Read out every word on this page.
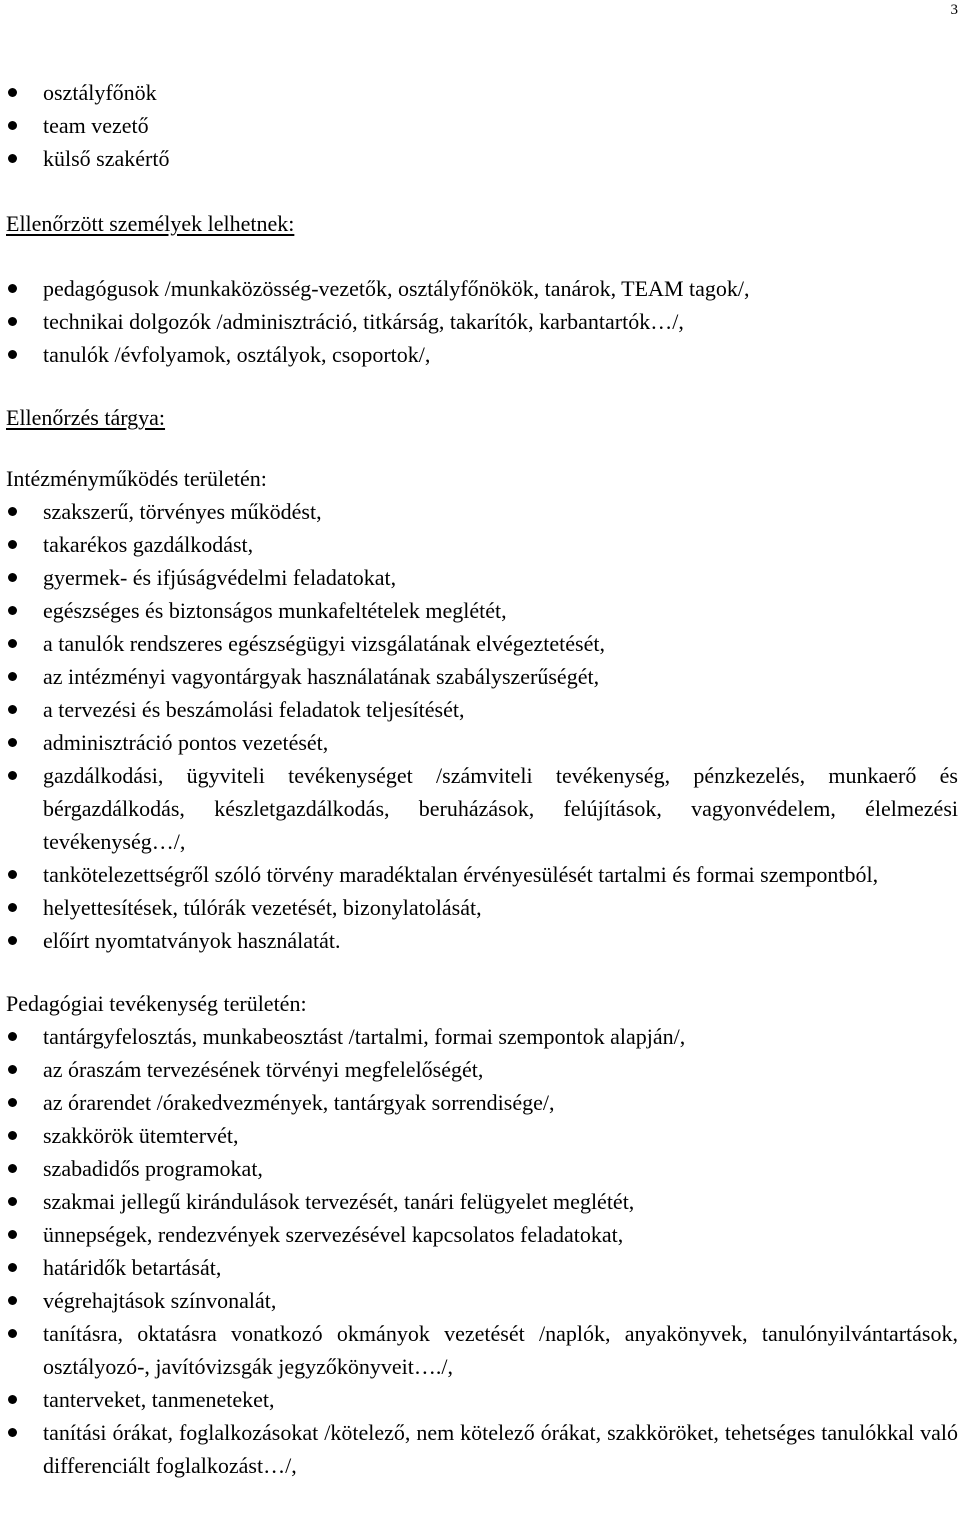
3
osztályfőnök
team vezető
külső szakértő
Ellenőrzött személyek lelhetnek:
pedagógusok /munkaközösség-vezetők, osztályfőnökök, tanárok, TEAM tagok/,
technikai dolgozók /adminisztráció, titkárság, takarítók, karbantartók…/,
tanulók /évfolyamok, osztályok, csoportok/,
Ellenőrzés tárgya:
Intézményműködés területén:
szakszerű, törvényes működést,
takarékos gazdálkodást,
gyermek- és ifjúságvédelmi feladatokat,
egészséges és biztonságos munkafeltételek meglétét,
a tanulók rendszeres egészségügyi vizsgálatának elvégeztetését,
az intézményi vagyontárgyak használatának szabályszerűségét,
a tervezési és beszámolási feladatok teljesítését,
adminisztráció pontos vezetését,
gazdálkodási, ügyviteli tevékenységet /számviteli tevékenység, pénzkezelés, munkaerő és bérgazdálkodás, készletgazdálkodás, beruházások, felújítások, vagyonvédelem, élelmezési tevékenység…/,
tankötelezettségről szóló törvény maradéktalan érvényesülését tartalmi és formai szempontból,
helyettesítések, túlórák vezetését, bizonylatolását,
előírt nyomtatványok használatát.
Pedagógiai tevékenység területén:
tantárgyfelosztás, munkabeosztást /tartalmi, formai szempontok alapján/,
az óraszám tervezésének törvényi megfelelőségét,
az órarendet /órakedvezmények, tantárgyak sorrendisége/,
szakkörök ütemtervét,
szabadidős programokat,
szakmai jellegű kirándulások tervezését, tanári felügyelet meglétét,
ünnepségek, rendezvények szervezésével kapcsolatos feladatokat,
határidők betartását,
végrehajtások színvonalát,
tanításra, oktatásra vonatkozó okmányok vezetését /naplók, anyakönyvek, tanulónyilvántartások, osztályozó-, javítóvizsgák jegyzőkönyveit…./,
tanterveket, tanmeneteket,
tanítási órákat, foglalkozásokat /kötelező, nem kötelező órákat, szakköröket, tehetséges tanulókkal való differenciált foglalkozást…/,
